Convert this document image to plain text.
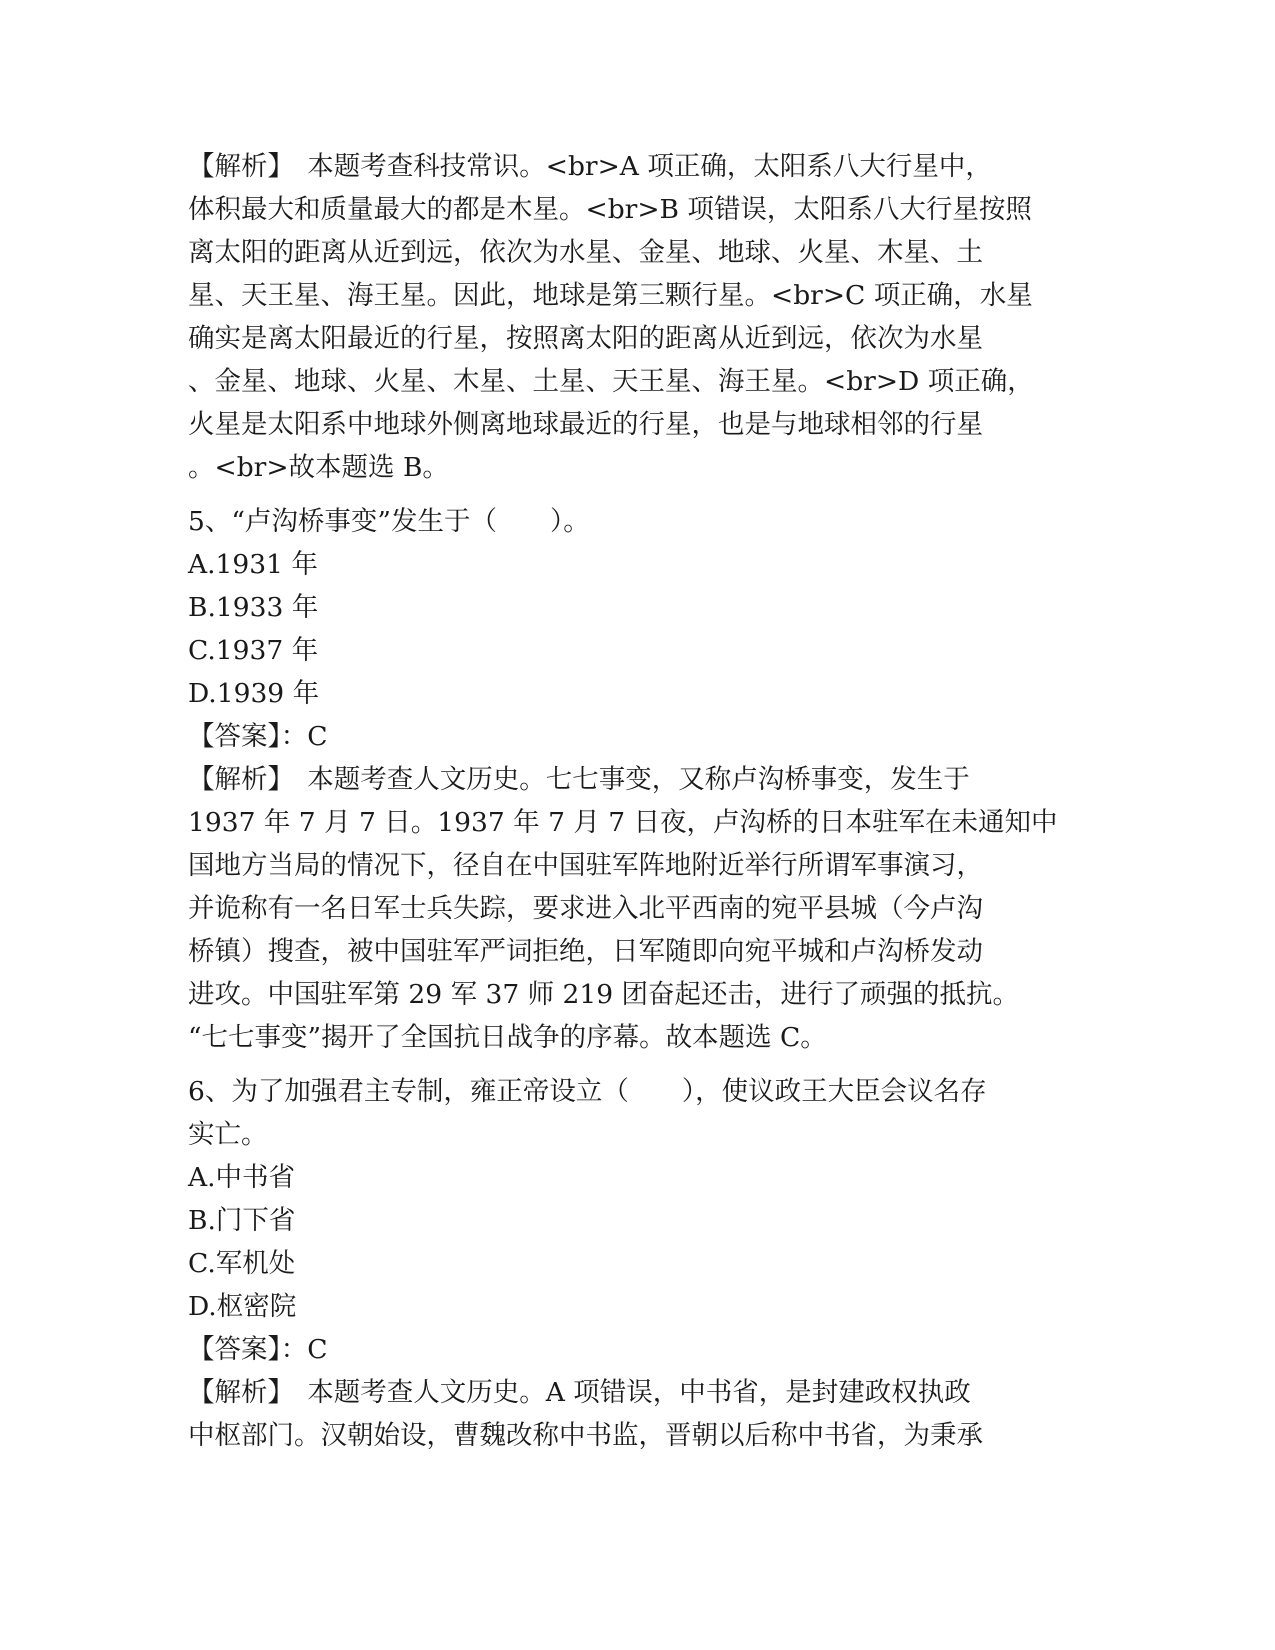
【解析】　本题考查科技常识。<br>A 项正确，太阳系八大行星中，
体积最大和质量最大的都是木星。<br>B 项错误，太阳系八大行星按照
离太阳的距离从近到远，依次为水星、金星、地球、火星、木星、土
星、天王星、海王星。因此，地球是第三颗行星。<br>C 项正确，水星
确实是离太阳最近的行星，按照离太阳的距离从近到远，依次为水星
、金星、地球、火星、木星、土星、天王星、海王星。<br>D 项正确，
火星是太阳系中地球外侧离地球最近的行星，也是与地球相邻的行星
。<br>故本题选 B。
5、“卢沟桥事变”发生于（　　）。
A.1931 年
B.1933 年
C.1937 年
D.1939 年
【答案】：C
【解析】　本题考查人文历史。七七事变，又称卢沟桥事变，发生于
1937 年 7 月 7 日。1937 年 7 月 7 日夜，卢沟桥的日本驻军在未通知中
国地方当局的情况下，径自在中国驻军阵地附近举行所谓军事演习，
并诡称有一名日军士兵失踪，要求进入北平西南的宛平县城（今卢沟
桥镇）搜查，被中国驻军严词拒绝，日军随即向宛平城和卢沟桥发动
进攻。中国驻军第 29 军 37 师 219 团奋起还击，进行了顽强的抵抗。
“七七事变”揭开了全国抗日战争的序幕。故本题选 C。
6、为了加强君主专制，雍正帝设立（　　），使议政王大臣会议名存
实亡。
A.中书省
B.门下省
C.军机处
D.枢密院
【答案】：C
【解析】　本题考查人文历史。A 项错误，中书省，是封建政权执政
中枢部门。汉朝始设，曹魏改称中书监，晋朝以后称中书省，为秉承
